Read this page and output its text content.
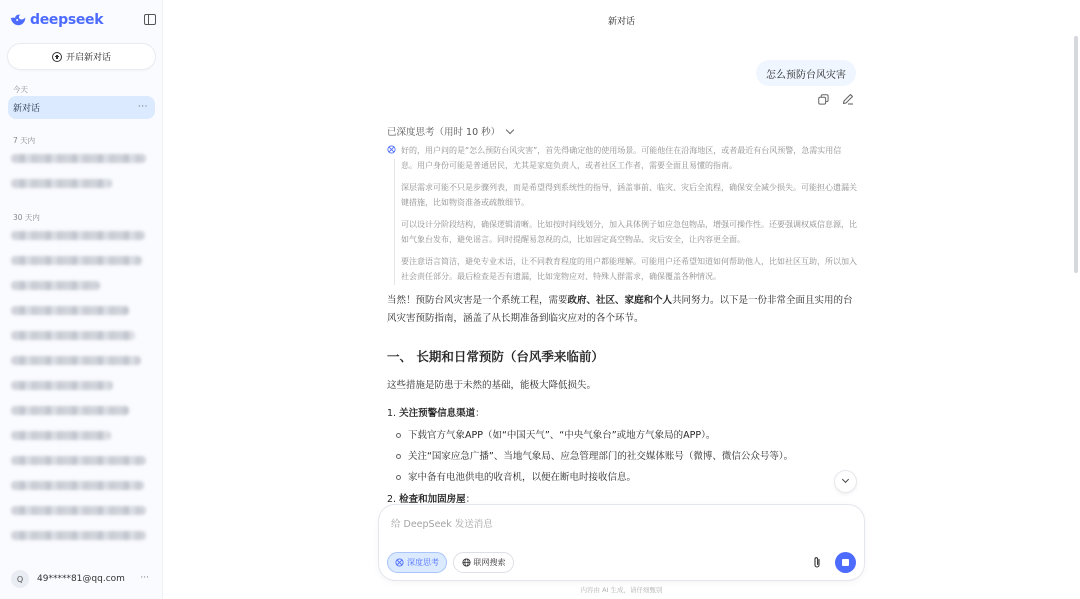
deepseek
开启新对话
今天
新对话	···
7 天内
30 天内
Q	49*****81@qq.com ···
新对话
怎么预防台风灾害
已深度思考（用时 10 秒）

好的，用户问的是“怎么预防台风灾害”，首先得确定他的使用场景。可能他住在沿海地区，或者最近有台风预警，急需实用信息。用户身份可能是普通居民，尤其是家庭负责人，或者社区工作者，需要全面且易懂的指南。

深层需求可能不只是步骤列表，而是希望得到系统性的指导，涵盖事前、临灾、灾后全流程，确保安全减少损失。可能担心遗漏关键措施，比如物资准备或疏散细节。

可以设计分阶段结构，确保逻辑清晰。比如按时间线划分，加入具体例子如应急包物品，增强可操作性。还要强调权威信息源，比如气象台发布，避免谣言。同时提醒易忽视的点，比如固定高空物品、灾后安全，让内容更全面。

要注意语言简洁，避免专业术语，让不同教育程度的用户都能理解。可能用户还希望知道如何帮助他人，比如社区互助，所以加入社会责任部分。最后检查是否有遗漏，比如宠物应对、特殊人群需求，确保覆盖各种情况。

当然！预防台风灾害是一个系统工程，需要政府、社区、家庭和个人共同努力。以下是一份非常全面且实用的台风灾害预防指南，涵盖了从长期准备到临灾应对的各个环节。

一、 长期和日常预防（台风季来临前）

这些措施是防患于未然的基础，能极大降低损失。

1. 关注预警信息渠道：

下载官方气象APP（如“中国天气”、“中央气象台”或地方气象局的APP）。

关注“国家应急广播”、当地气象局、应急管理部门的社交媒体账号（微博、微信公众号等）。

家中备有电池供电的收音机，以便在断电时接收信息。

2. 检查和加固房屋：

给 DeepSeek 发送消息
深度思考	联网搜索
内容由 AI 生成，请仔细甄别
